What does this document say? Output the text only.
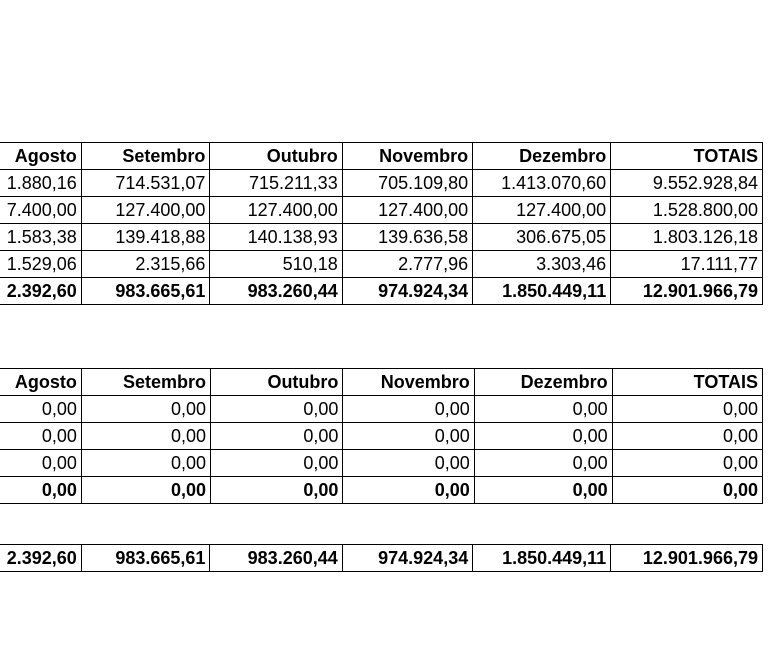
Agosto	Setembro	Outubro	Novembro	Dezembro	TOTAIS
1.880,16	714.531,07	715.211,33	705.109,80	1.413.070,60	9.552.928,84
7.400,00	127.400,00	127.400,00	127.400,00	127.400,00	1.528.800,00
1.583,38	139.418,88	140.138,93	139.636,58	306.675,05	1.803.126,18
1.529,06	2.315,66	510,18	2.777,96	3.303,46	17.111,77
2.392,60	983.665,61	983.260,44	974.924,34	1.850.449,11	12.901.966,79
Agosto	Setembro	Outubro	Novembro	Dezembro	TOTAIS
0,00	0,00	0,00	0,00	0,00	0,00
0,00	0,00	0,00	0,00	0,00	0,00
0,00	0,00	0,00	0,00	0,00	0,00
0,00	0,00	0,00	0,00	0,00	0,00
2.392,60	983.665,61	983.260,44	974.924,34	1.850.449,11	12.901.966,79
